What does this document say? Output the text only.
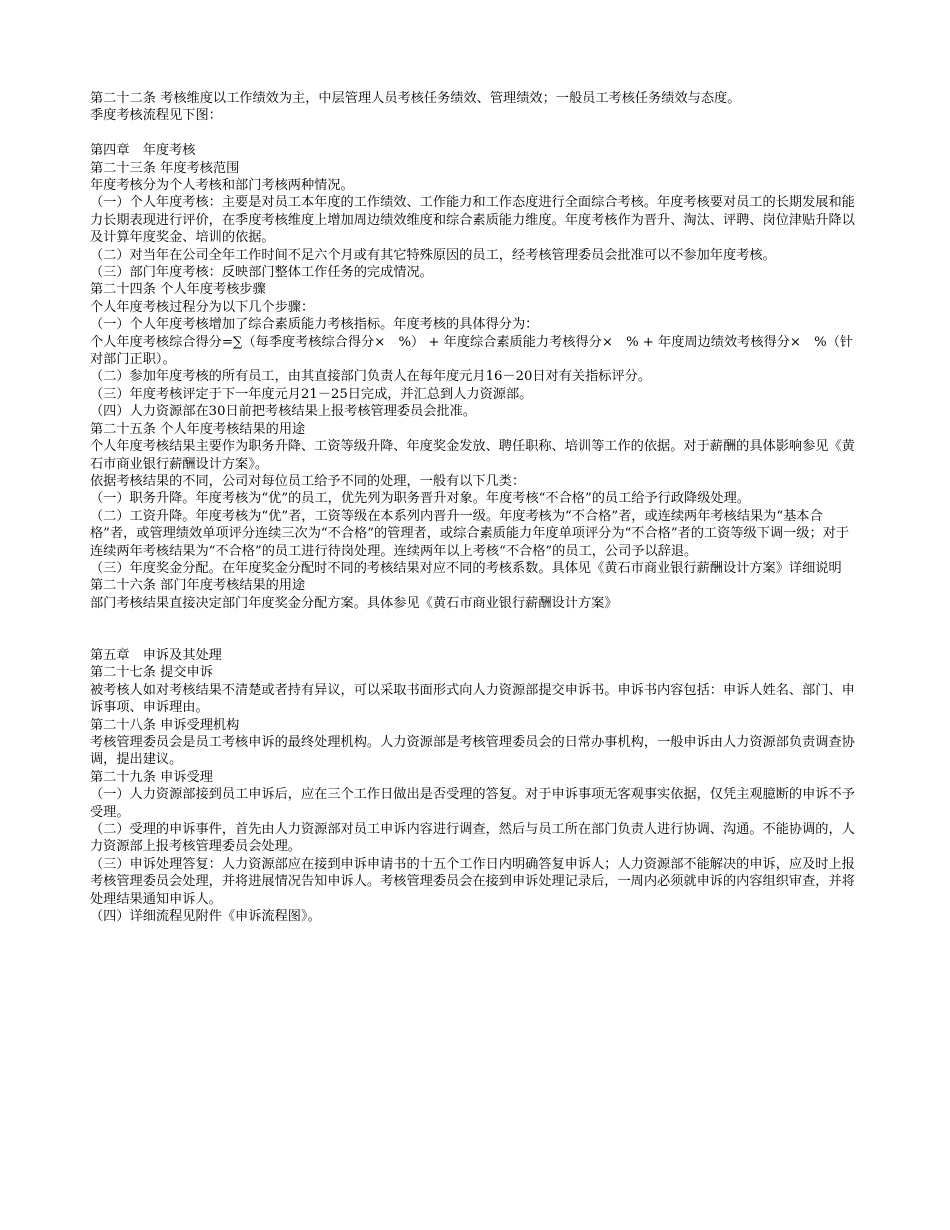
第二十二条 考核维度以工作绩效为主，中层管理人员考核任务绩效、管理绩效；一般员工考核任务绩效与态度。

季度考核流程见下图：

第四章　年度考核

第二十三条 年度考核范围

年度考核分为个人考核和部门考核两种情况。

（一）个人年度考核：主要是对员工本年度的工作绩效、工作能力和工作态度进行全面综合考核。年度考核要对员工的长期发展和能力长期表现进行评价，在季度考核维度上增加周边绩效维度和综合素质能力维度。年度考核作为晋升、淘汰、评聘、岗位津贴升降以及计算年度奖金、培训的依据。

（二）对当年在公司全年工作时间不足六个月或有其它特殊原因的员工，经考核管理委员会批准可以不参加年度考核。

（三）部门年度考核：反映部门整体工作任务的完成情况。

第二十四条 个人年度考核步骤

个人年度考核过程分为以下几个步骤：

（一）个人年度考核增加了综合素质能力考核指标。年度考核的具体得分为：

个人年度考核综合得分=∑（每季度考核综合得分×　%） + 年度综合素质能力考核得分×　% + 年度周边绩效考核得分×　%（针对部门正职）。

（二）参加年度考核的所有员工，由其直接部门负责人在每年度元月16－20日对有关指标评分。

（三）年度考核评定于下一年度元月21－25日完成，并汇总到人力资源部。

（四）人力资源部在30日前把考核结果上报考核管理委员会批准。

第二十五条 个人年度考核结果的用途

个人年度考核结果主要作为职务升降、工资等级升降、年度奖金发放、聘任职称、培训等工作的依据。对于薪酬的具体影响参见《黄石市商业银行薪酬设计方案》。

依据考核结果的不同，公司对每位员工给予不同的处理，一般有以下几类：

（一）职务升降。年度考核为“优”的员工，优先列为职务晋升对象。年度考核“不合格”的员工给予行政降级处理。

（二）工资升降。年度考核为“优”者，工资等级在本系列内晋升一级。年度考核为“不合格”者，或连续两年考核结果为“基本合格”者，或管理绩效单项评分连续三次为“不合格”的管理者，或综合素质能力年度单项评分为“不合格”者的工资等级下调一级；对于连续两年考核结果为“不合格”的员工进行待岗处理。连续两年以上考核“不合格”的员工，公司予以辞退。

（三）年度奖金分配。在年度奖金分配时不同的考核结果对应不同的考核系数。具体见《黄石市商业银行薪酬设计方案》详细说明

第二十六条 部门年度考核结果的用途

部门考核结果直接决定部门年度奖金分配方案。具体参见《黄石市商业银行薪酬设计方案》

第五章　申诉及其处理

第二十七条 提交申诉

被考核人如对考核结果不清楚或者持有异议，可以采取书面形式向人力资源部提交申诉书。申诉书内容包括：申诉人姓名、部门、申诉事项、申诉理由。

第二十八条 申诉受理机构

考核管理委员会是员工考核申诉的最终处理机构。人力资源部是考核管理委员会的日常办事机构，一般申诉由人力资源部负责调查协调，提出建议。

第二十九条 申诉受理

（一）人力资源部接到员工申诉后，应在三个工作日做出是否受理的答复。对于申诉事项无客观事实依据，仅凭主观臆断的申诉不予受理。

（二）受理的申诉事件，首先由人力资源部对员工申诉内容进行调查，然后与员工所在部门负责人进行协调、沟通。不能协调的，人力资源部上报考核管理委员会处理。

（三）申诉处理答复：人力资源部应在接到申诉申请书的十五个工作日内明确答复申诉人；人力资源部不能解决的申诉，应及时上报考核管理委员会处理，并将进展情况告知申诉人。考核管理委员会在接到申诉处理记录后，一周内必须就申诉的内容组织审查，并将处理结果通知申诉人。

（四）详细流程见附件《申诉流程图》。
